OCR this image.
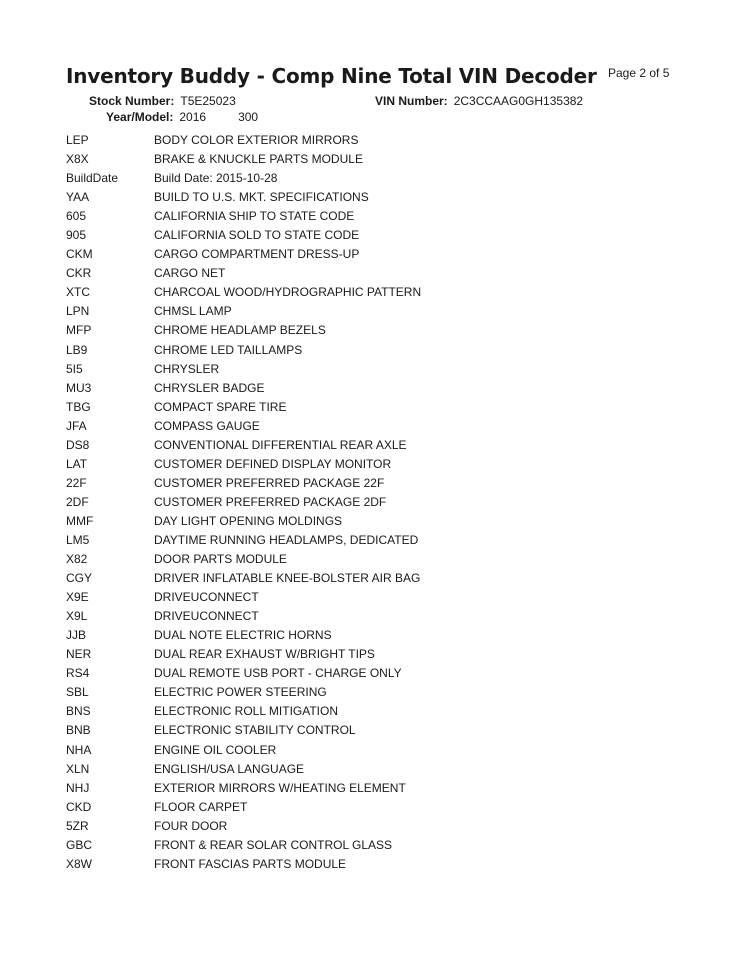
Inventory Buddy - Comp Nine Total VIN Decoder Page 2 of 5
Stock Number: T5E25023	VIN Number: 2C3CCAAG0GH135382
Year/Model: 2016	300
LEP	BODY COLOR EXTERIOR MIRRORS
X8X	BRAKE & KNUCKLE PARTS MODULE
BuildDate	Build Date: 2015-10-28
YAA	BUILD TO U.S. MKT. SPECIFICATIONS
605	CALIFORNIA SHIP TO STATE CODE
905	CALIFORNIA SOLD TO STATE CODE
CKM	CARGO COMPARTMENT DRESS-UP
CKR	CARGO NET
XTC	CHARCOAL WOOD/HYDROGRAPHIC PATTERN
LPN	CHMSL LAMP
MFP	CHROME HEADLAMP BEZELS
LB9	CHROME LED TAILLAMPS
5I5	CHRYSLER
MU3	CHRYSLER BADGE
TBG	COMPACT SPARE TIRE
JFA	COMPASS GAUGE
DS8	CONVENTIONAL DIFFERENTIAL REAR AXLE
LAT	CUSTOMER DEFINED DISPLAY MONITOR
22F	CUSTOMER PREFERRED PACKAGE 22F
2DF	CUSTOMER PREFERRED PACKAGE 2DF
MMF	DAY LIGHT OPENING MOLDINGS
LM5	DAYTIME RUNNING HEADLAMPS, DEDICATED
X82	DOOR PARTS MODULE
CGY	DRIVER INFLATABLE KNEE-BOLSTER AIR BAG
X9E	DRIVEUCONNECT
X9L	DRIVEUCONNECT
JJB	DUAL NOTE ELECTRIC HORNS
NER	DUAL REAR EXHAUST W/BRIGHT TIPS
RS4	DUAL REMOTE USB PORT - CHARGE ONLY
SBL	ELECTRIC POWER STEERING
BNS	ELECTRONIC ROLL MITIGATION
BNB	ELECTRONIC STABILITY CONTROL
NHA	ENGINE OIL COOLER
XLN	ENGLISH/USA LANGUAGE
NHJ	EXTERIOR MIRRORS W/HEATING ELEMENT
CKD	FLOOR CARPET
5ZR	FOUR DOOR
GBC	FRONT & REAR SOLAR CONTROL GLASS
X8W	FRONT FASCIAS PARTS MODULE
